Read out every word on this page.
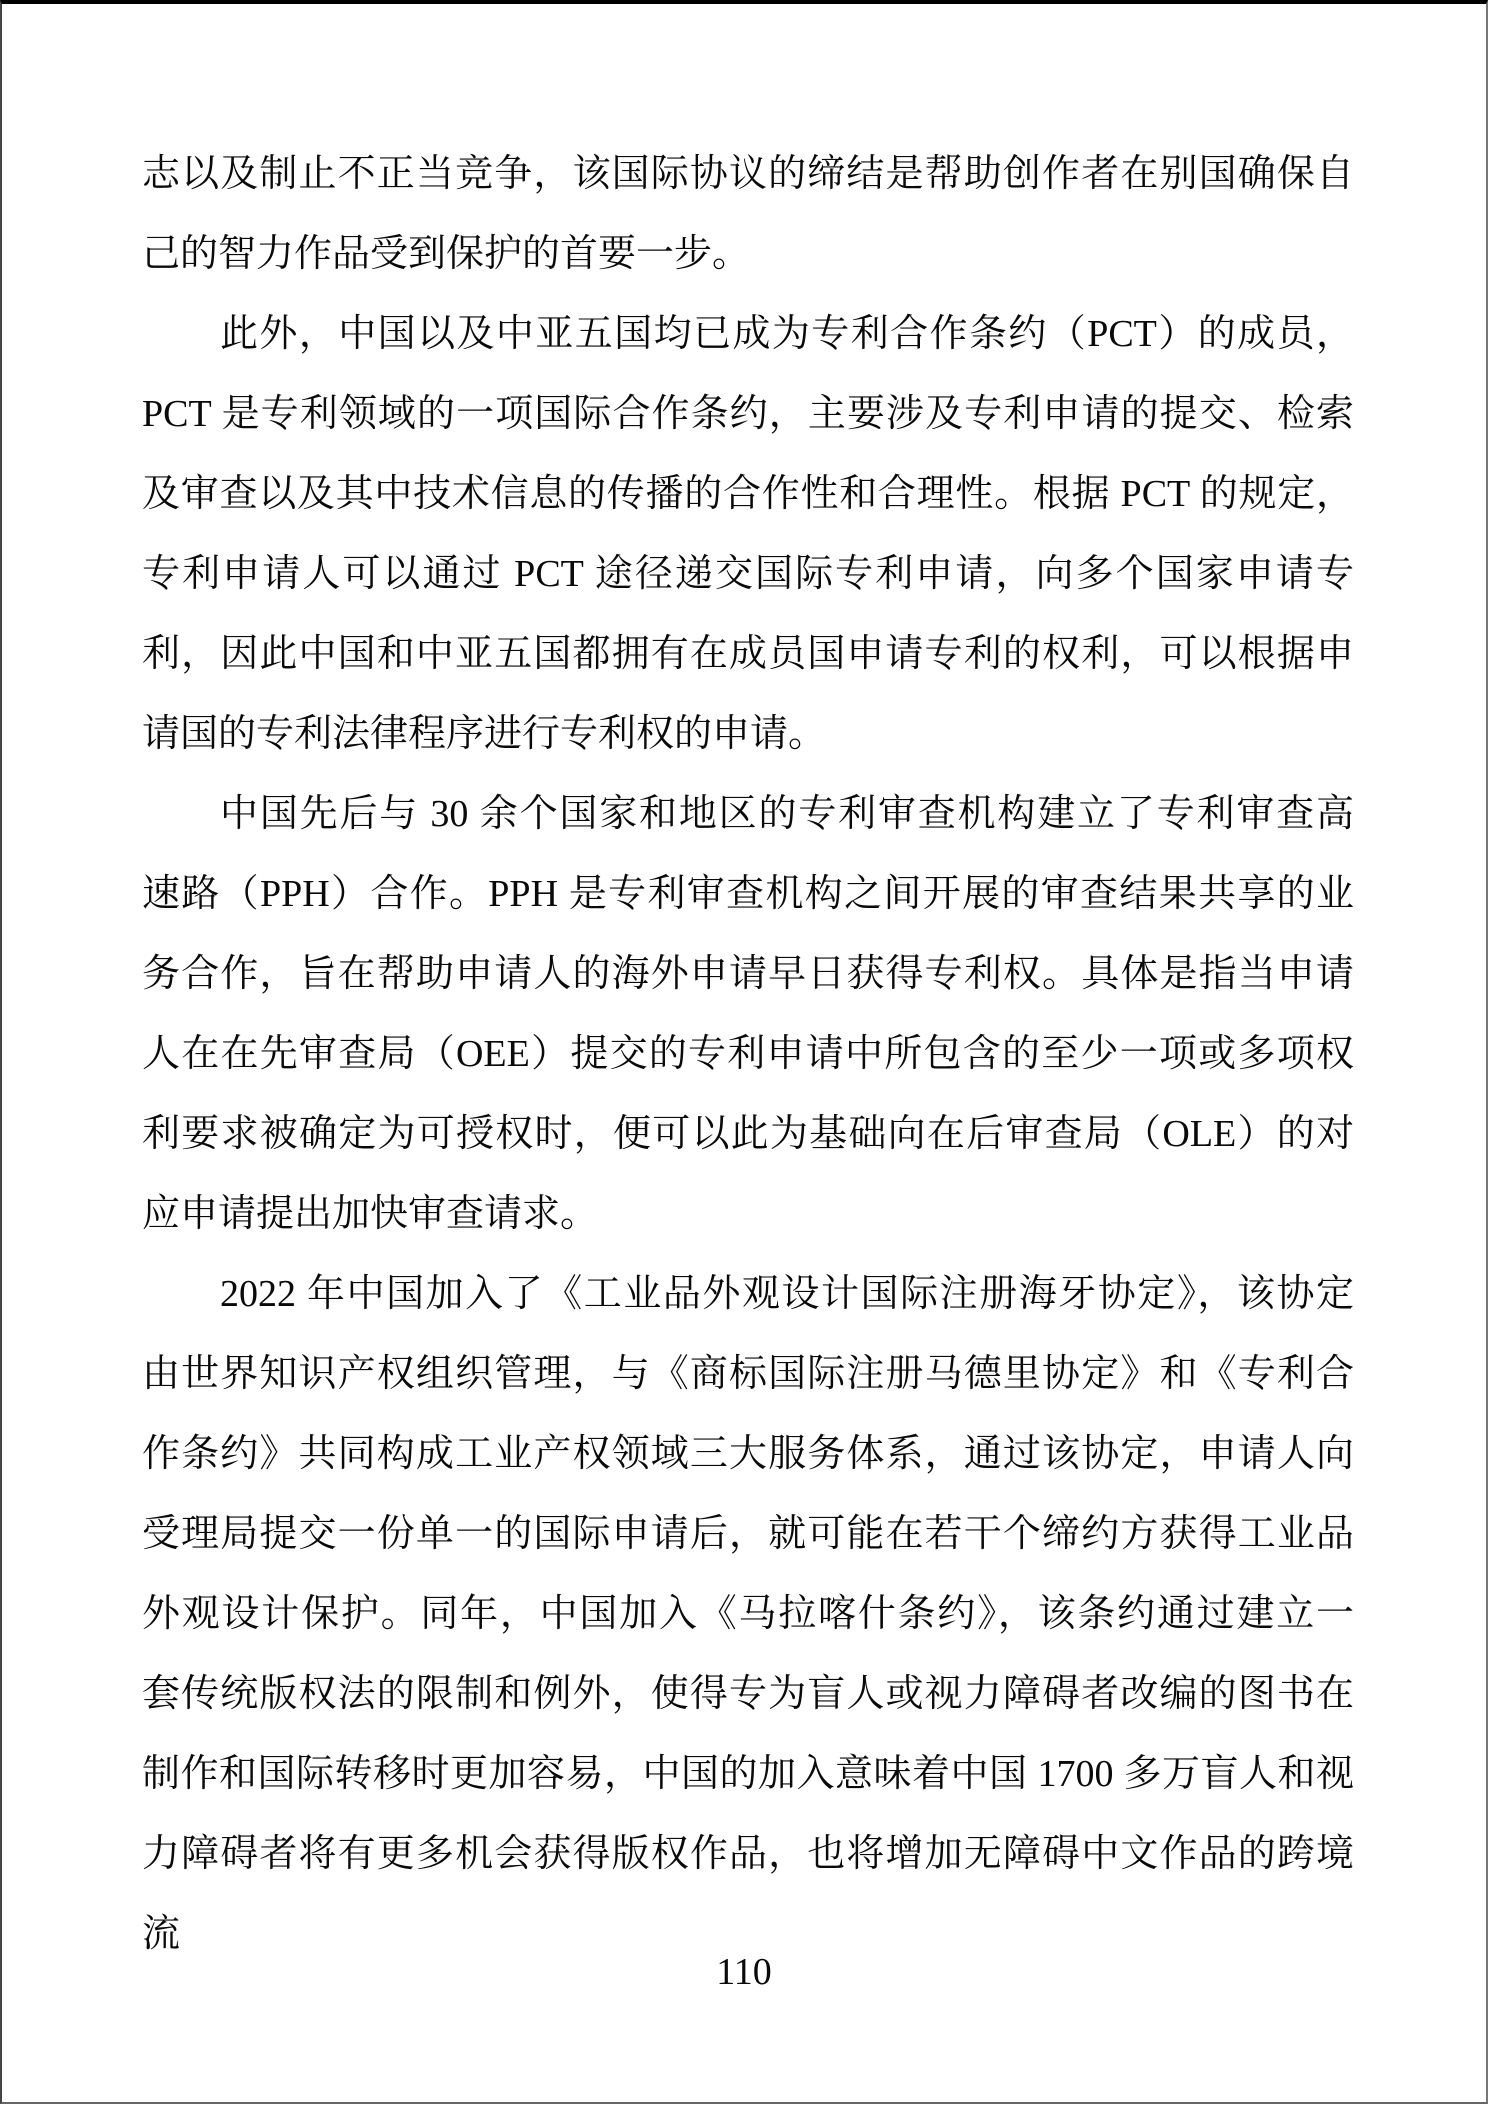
志以及制止不正当竞争，该国际协议的缔结是帮助创作者在别国确保自
己的智力作品受到保护的首要一步。
此外，中国以及中亚五国均已成为专利合作条约（PCT）的成员，
PCT 是专利领域的一项国际合作条约，主要涉及专利申请的提交、检索
及审查以及其中技术信息的传播的合作性和合理性。根据 PCT 的规定，
专利申请人可以通过 PCT 途径递交国际专利申请，向多个国家申请专
利，因此中国和中亚五国都拥有在成员国申请专利的权利，可以根据申
请国的专利法律程序进行专利权的申请。
中国先后与 30 余个国家和地区的专利审查机构建立了专利审查高
速路（PPH）合作。PPH 是专利审查机构之间开展的审查结果共享的业
务合作，旨在帮助申请人的海外申请早日获得专利权。具体是指当申请
人在在先审查局（OEE）提交的专利申请中所包含的至少一项或多项权
利要求被确定为可授权时，便可以此为基础向在后审查局（OLE）的对
应申请提出加快审查请求。
2022 年中国加入了《工业品外观设计国际注册海牙协定》，该协定
由世界知识产权组织管理，与《商标国际注册马德里协定》和《专利合
作条约》共同构成工业产权领域三大服务体系，通过该协定，申请人向
受理局提交一份单一的国际申请后，就可能在若干个缔约方获得工业品
外观设计保护。同年，中国加入《马拉喀什条约》，该条约通过建立一
套传统版权法的限制和例外，使得专为盲人或视力障碍者改编的图书在
制作和国际转移时更加容易，中国的加入意味着中国 1700 多万盲人和视
力障碍者将有更多机会获得版权作品，也将增加无障碍中文作品的跨境流
110
